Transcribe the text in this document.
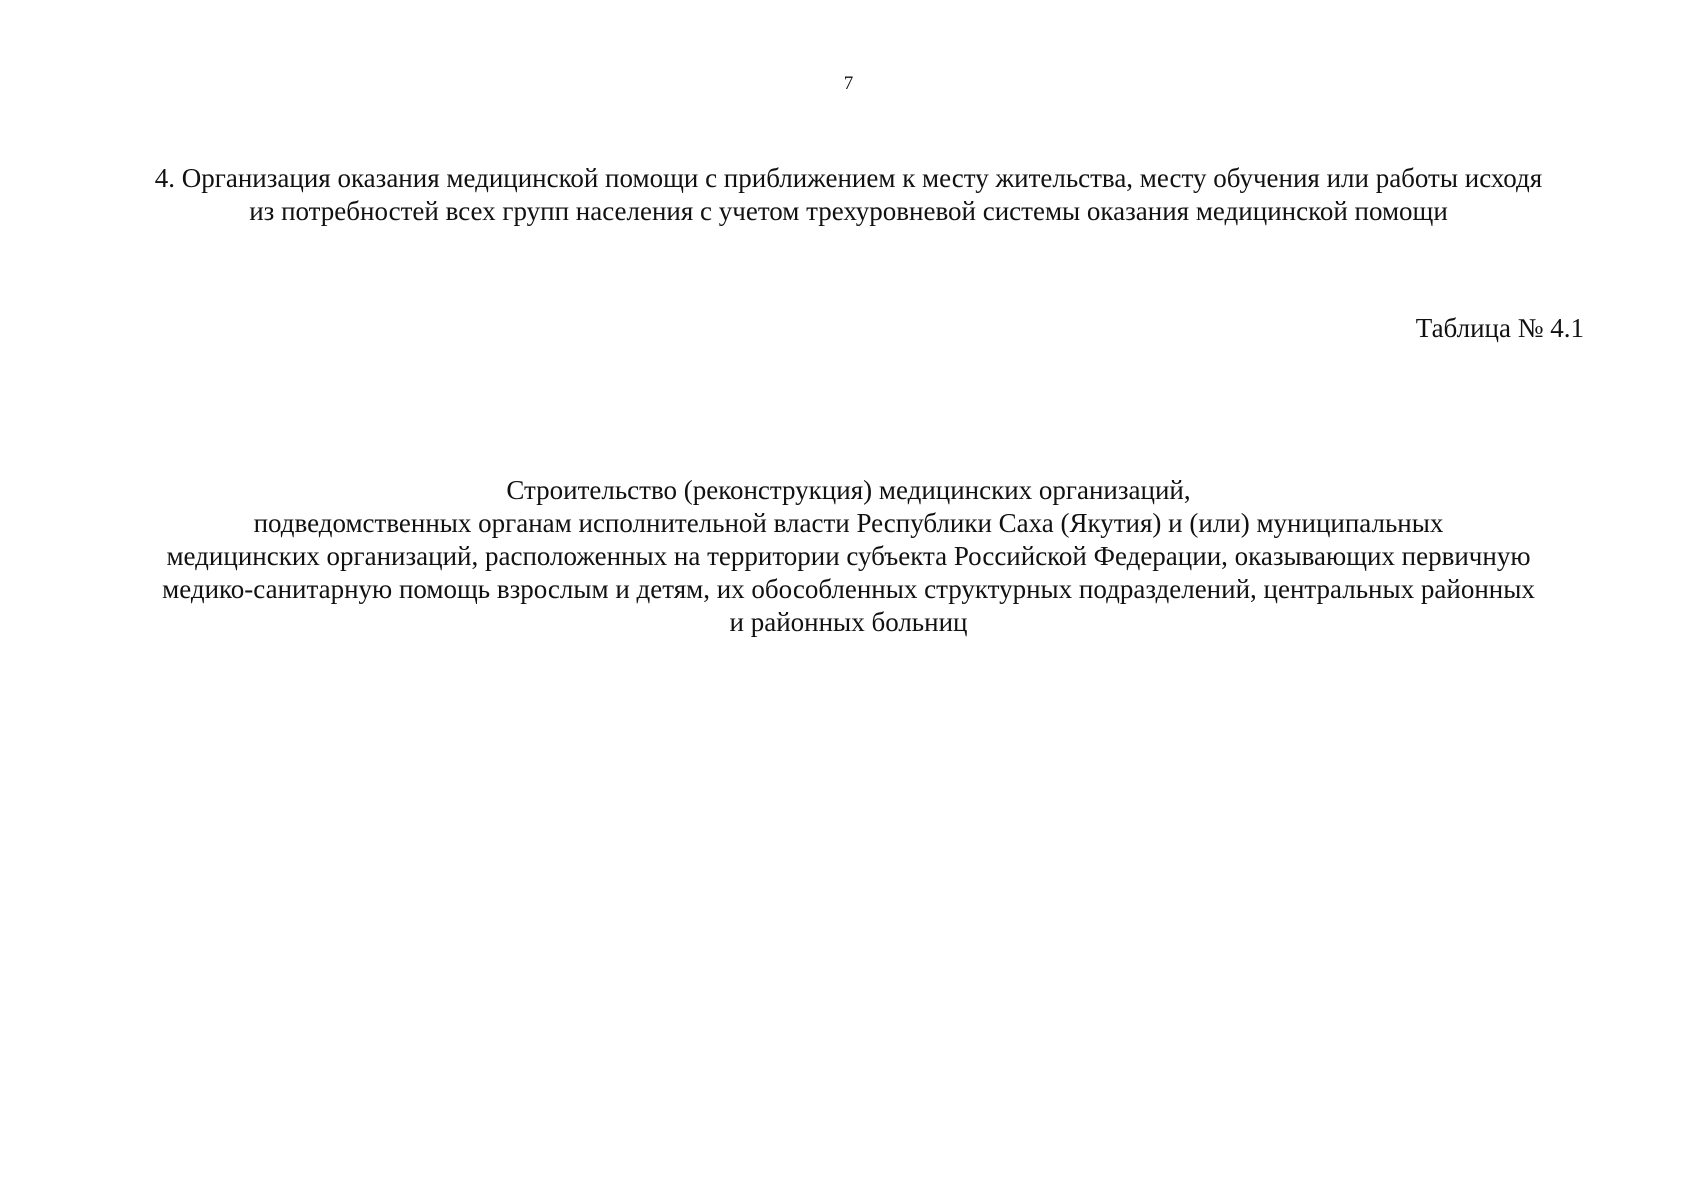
7
4. Организация оказания медицинской помощи с приближением к месту жительства, месту обучения или работы исходя
из потребностей всех групп населения с учетом трехуровневой системы оказания медицинской помощи
Таблица № 4.1
Строительство (реконструкция) медицинских организаций,
подведомственных органам исполнительной власти Республики Саха (Якутия) и (или) муниципальных
медицинских организаций, расположенных на территории субъекта Российской Федерации, оказывающих первичную
медико-санитарную помощь взрослым и детям, их обособленных структурных подразделений, центральных районных
и районных больниц
